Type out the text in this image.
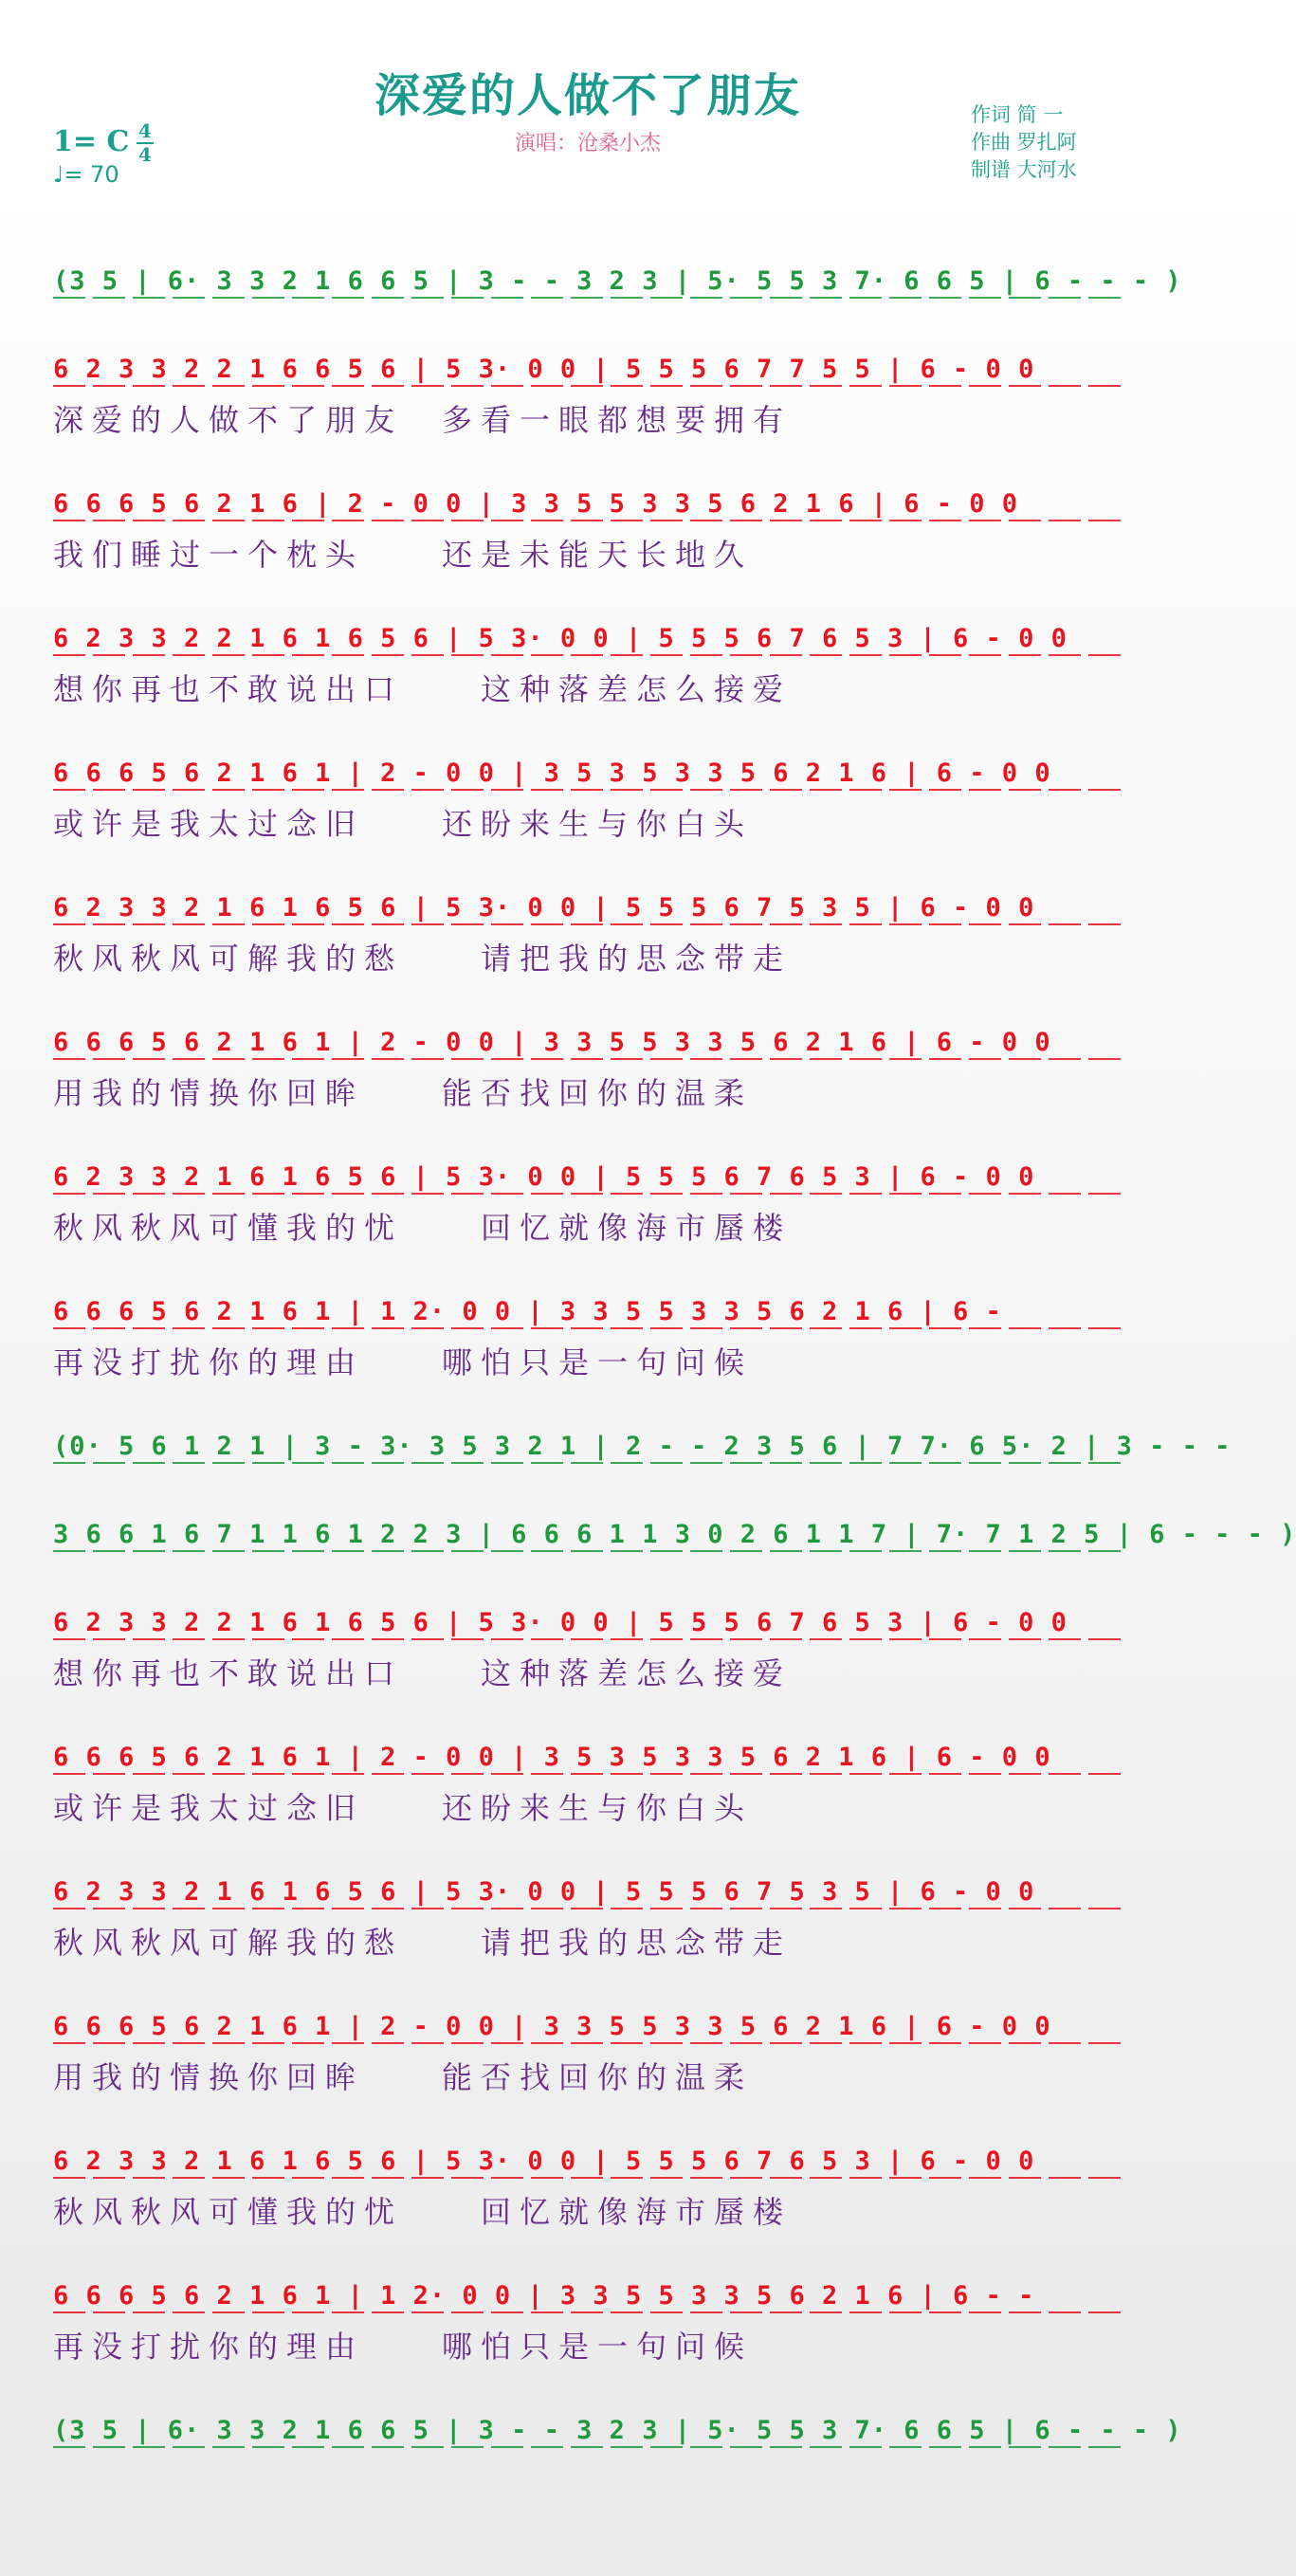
深爱的人做不了朋友
演唱：沧桑小杰
1= C 4
4
♩= 70
作词 简 一
作曲 罗扎阿
制谱 大河水
(3 5 | 6· 3 3 2 1 6 6 5 | 3 - - 3 2 3 | 5· 5 5 3 7· 6 6 5 | 6 - - - )
6 2 3 3 2 2 1 6 6 5 6 | 5 3· 0 0 | 5 5 5 6 7 7 5 5 | 6 - 0 0
深爱的人做不了朋友　多看一眼都想要拥有
6 6 6 5 6 2 1 6 | 2 - 0 0 | 3 3 5 5 3 3 5 6 2 1 6 | 6 - 0 0
我们睡过一个枕头　　还是未能天长地久
6 2 3 3 2 2 1 6 1 6 5 6 | 5 3· 0 0 | 5 5 5 6 7 6 5 3 | 6 - 0 0
想你再也不敢说出口　　这种落差怎么接爱
6 6 6 5 6 2 1 6 1 | 2 - 0 0 | 3 5 3 5 3 3 5 6 2 1 6 | 6 - 0 0
或许是我太过念旧　　还盼来生与你白头
6 2 3 3 2 1 6 1 6 5 6 | 5 3· 0 0 | 5 5 5 6 7 5 3 5 | 6 - 0 0
秋风秋风可解我的愁　　请把我的思念带走
6 6 6 5 6 2 1 6 1 | 2 - 0 0 | 3 3 5 5 3 3 5 6 2 1 6 | 6 - 0 0
用我的情换你回眸　　能否找回你的温柔
6 2 3 3 2 1 6 1 6 5 6 | 5 3· 0 0 | 5 5 5 6 7 6 5 3 | 6 - 0 0
秋风秋风可懂我的忧　　回忆就像海市蜃楼
6 6 6 5 6 2 1 6 1 | 1 2· 0 0 | 3 3 5 5 3 3 5 6 2 1 6 | 6 -
再没打扰你的理由　　哪怕只是一句问候
(0· 5 6 1 2 1 | 3 - 3· 3 5 3 2 1 | 2 - - 2 3 5 6 | 7 7· 6 5· 2 | 3 - - -
3 6 6 1 6 7 1 1 6 1 2 2 3 | 6 6 6 1 1 3 0 2 6 1 1 7 | 7· 7 1 2 5 | 6 - - - )
6 2 3 3 2 2 1 6 1 6 5 6 | 5 3· 0 0 | 5 5 5 6 7 6 5 3 | 6 - 0 0
想你再也不敢说出口　　这种落差怎么接爱
6 6 6 5 6 2 1 6 1 | 2 - 0 0 | 3 5 3 5 3 3 5 6 2 1 6 | 6 - 0 0
或许是我太过念旧　　还盼来生与你白头
6 2 3 3 2 1 6 1 6 5 6 | 5 3· 0 0 | 5 5 5 6 7 5 3 5 | 6 - 0 0
秋风秋风可解我的愁　　请把我的思念带走
6 6 6 5 6 2 1 6 1 | 2 - 0 0 | 3 3 5 5 3 3 5 6 2 1 6 | 6 - 0 0
用我的情换你回眸　　能否找回你的温柔
6 2 3 3 2 1 6 1 6 5 6 | 5 3· 0 0 | 5 5 5 6 7 6 5 3 | 6 - 0 0
秋风秋风可懂我的忧　　回忆就像海市蜃楼
6 6 6 5 6 2 1 6 1 | 1 2· 0 0 | 3 3 5 5 3 3 5 6 2 1 6 | 6 - -
再没打扰你的理由　　哪怕只是一句问候
(3 5 | 6· 3 3 2 1 6 6 5 | 3 - - 3 2 3 | 5· 5 5 3 7· 6 6 5 | 6 - - - )
